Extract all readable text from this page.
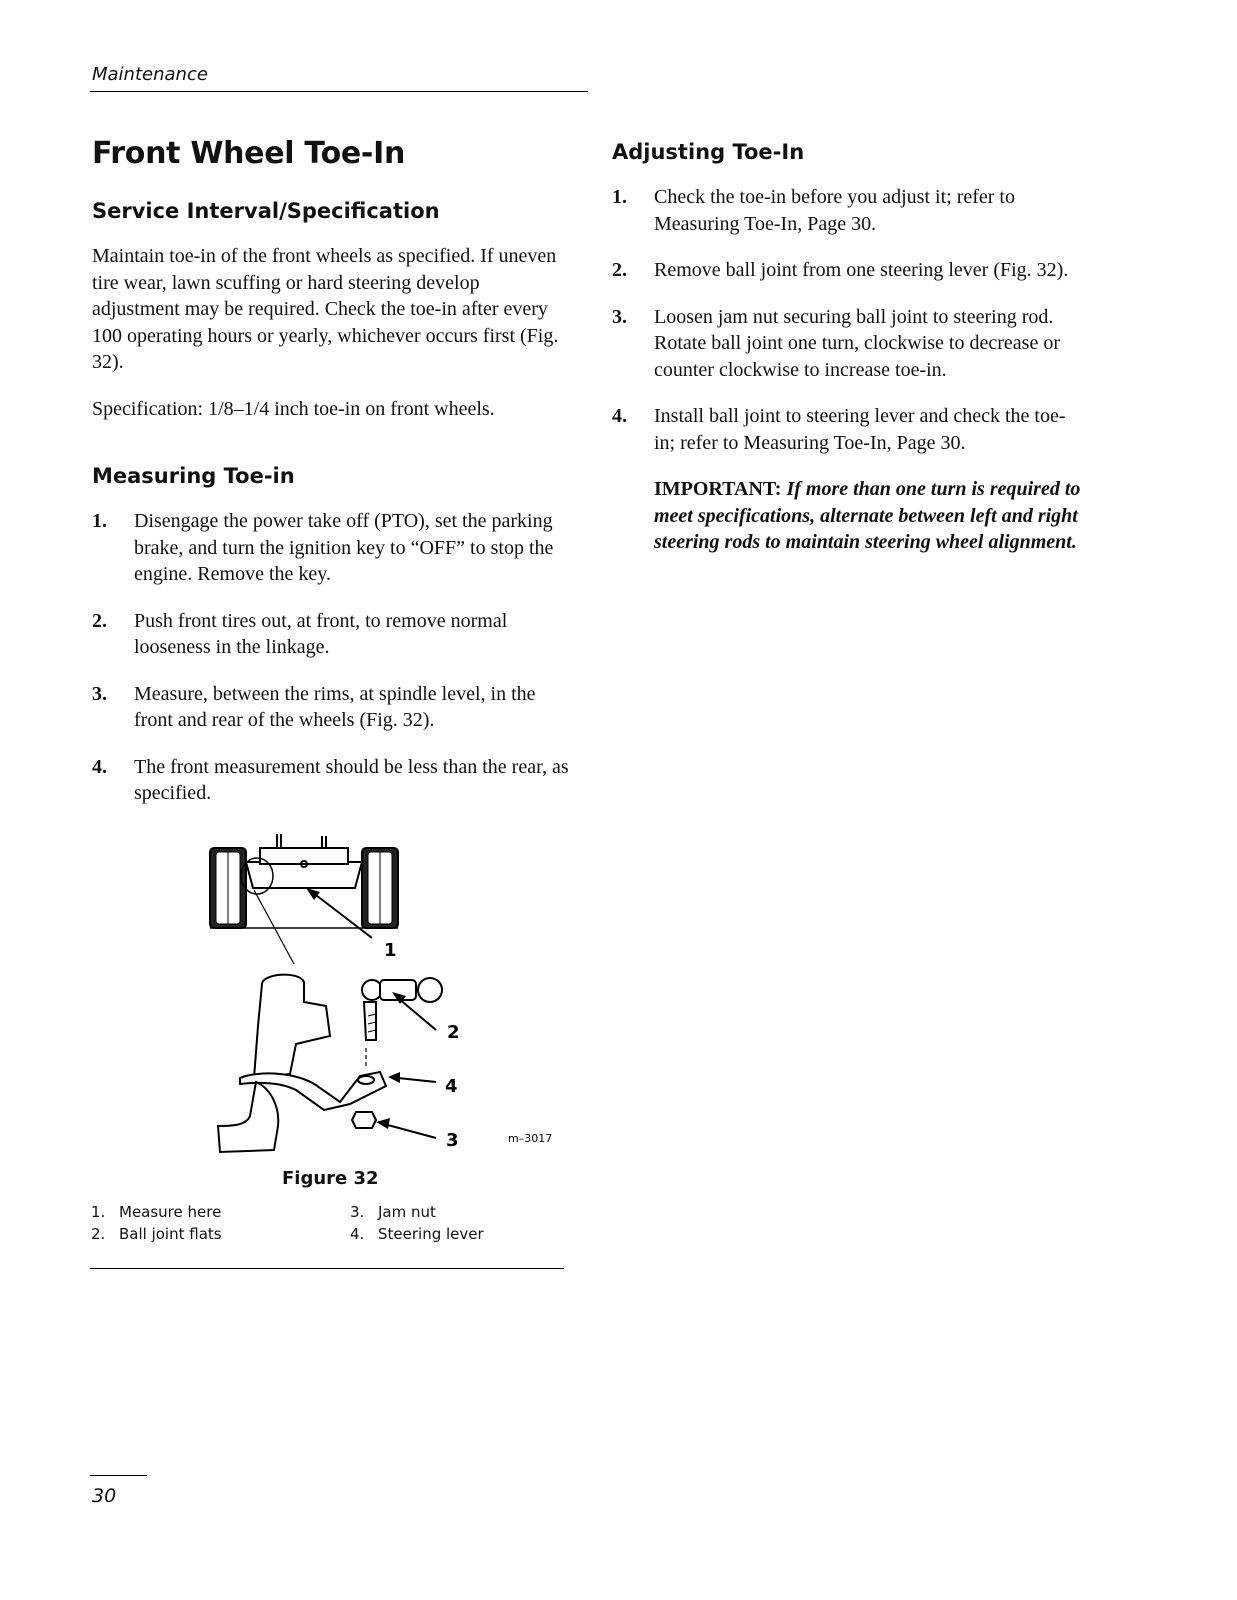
Maintenance
Front Wheel Toe-In
Service Interval/Specification

Maintain toe-in of the front wheels as specified. If uneven tire wear, lawn scuffing or hard steering develop adjustment may be required. Check the toe-in after every 100 operating hours or yearly, whichever occurs first (Fig. 32).

Specification: 1/8–1/4 inch toe-in on front wheels.

Measuring Toe-in
1. Disengage the power take off (PTO), set the parking brake, and turn the ignition key to “OFF” to stop the engine. Remove the key.
2. Push front tires out, at front, to remove normal looseness in the linkage.
3. Measure, between the rims, at spindle level, in the front and rear of the wheels (Fig. 32).
4. The front measurement should be less than the rear, as specified.
1
2
4
3	m–3017
Figure 32
1. Measure here
2. Ball joint flats
3. Jam nut
4. Steering lever
Adjusting Toe-In
1. Check the toe-in before you adjust it; refer to Measuring Toe-In, Page 30.
2. Remove ball joint from one steering lever (Fig. 32).
3. Loosen jam nut securing ball joint to steering rod. Rotate ball joint one turn, clockwise to decrease or counter clockwise to increase toe-in.
4. Install ball joint to steering lever and check the toe-in; refer to Measuring Toe-In, Page 30.
IMPORTANT: If more than one turn is required to meet specifications, alternate between left and right steering rods to maintain steering wheel alignment.
30
